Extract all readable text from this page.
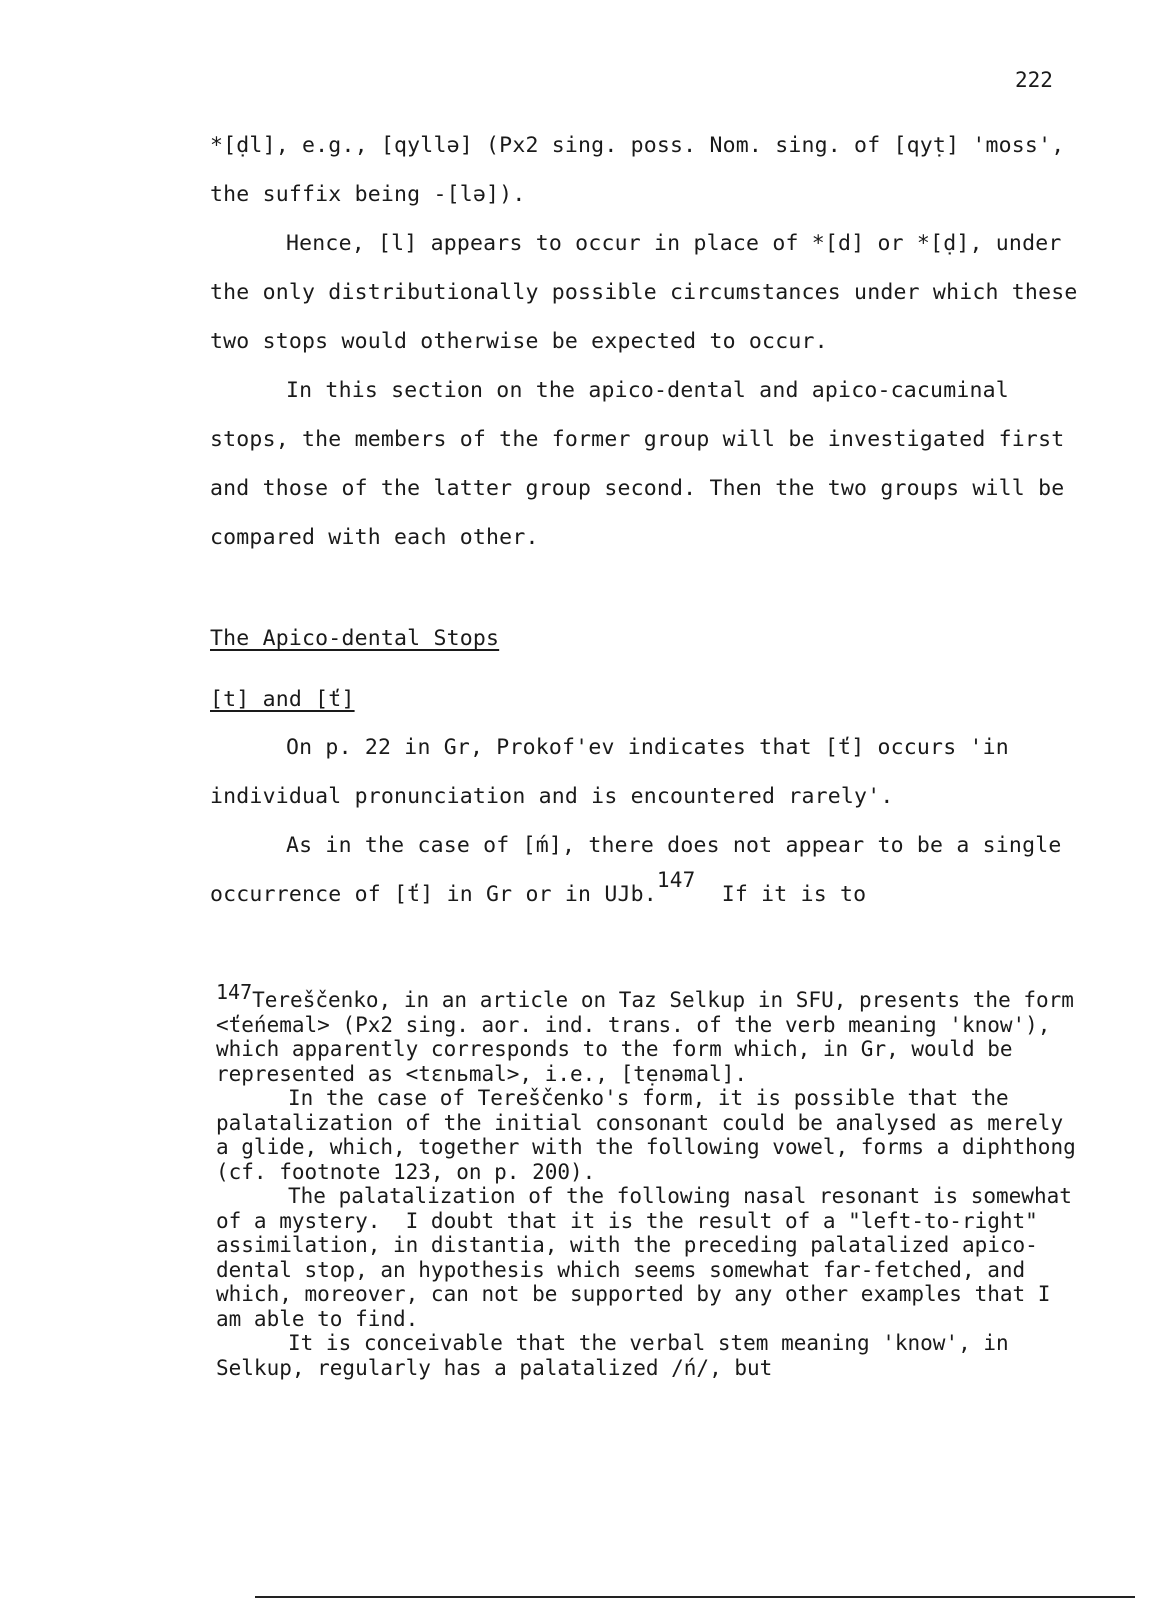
222

*[ḍl], e.g., [qyllə] (Px2 sing. poss. Nom. sing. of [qyṭ] 'moss', the suffix being -[lə]).

Hence, [l] appears to occur in place of *[d] or *[ḍ], under the only distributionally possible circumstances under which these two stops would otherwise be expected to occur.

In this section on the apico-dental and apico-cacuminal stops, the members of the former group will be investigated first and those of the latter group second. Then the two groups will be compared with each other.

The Apico-dental Stops

[t] and [ť]

On p. 22 in Gr, Prokof'ev indicates that [ť] occurs 'in individual pronunciation and is encountered rarely'.

As in the case of [ḿ], there does not appear to be a single occurrence of [ť] in Gr or in UJb.147  If it is to

147Tereščenko, in an article on Taz Selkup in SFU, presents the form <ťeńemal> (Px2 sing. aor. ind. trans. of the verb meaning 'know'), which apparently corresponds to the form which, in Gr, would be represented as <tɛnьmal>, i.e., [tẹnəmal].

In the case of Tereščenko's form, it is possible that the palatalization of the initial consonant could be analysed as merely a glide, which, together with the following vowel, forms a diphthong (cf. footnote 123, on p. 200).

The palatalization of the following nasal resonant is somewhat of a mystery.  I doubt that it is the result of a "left-to-right" assimilation, in distantia, with the preceding palatalized apico-dental stop, an hypothesis which seems somewhat far-fetched, and which, moreover, can not be supported by any other examples that I am able to find.

It is conceivable that the verbal stem meaning 'know', in Selkup, regularly has a palatalized /ń/, but
